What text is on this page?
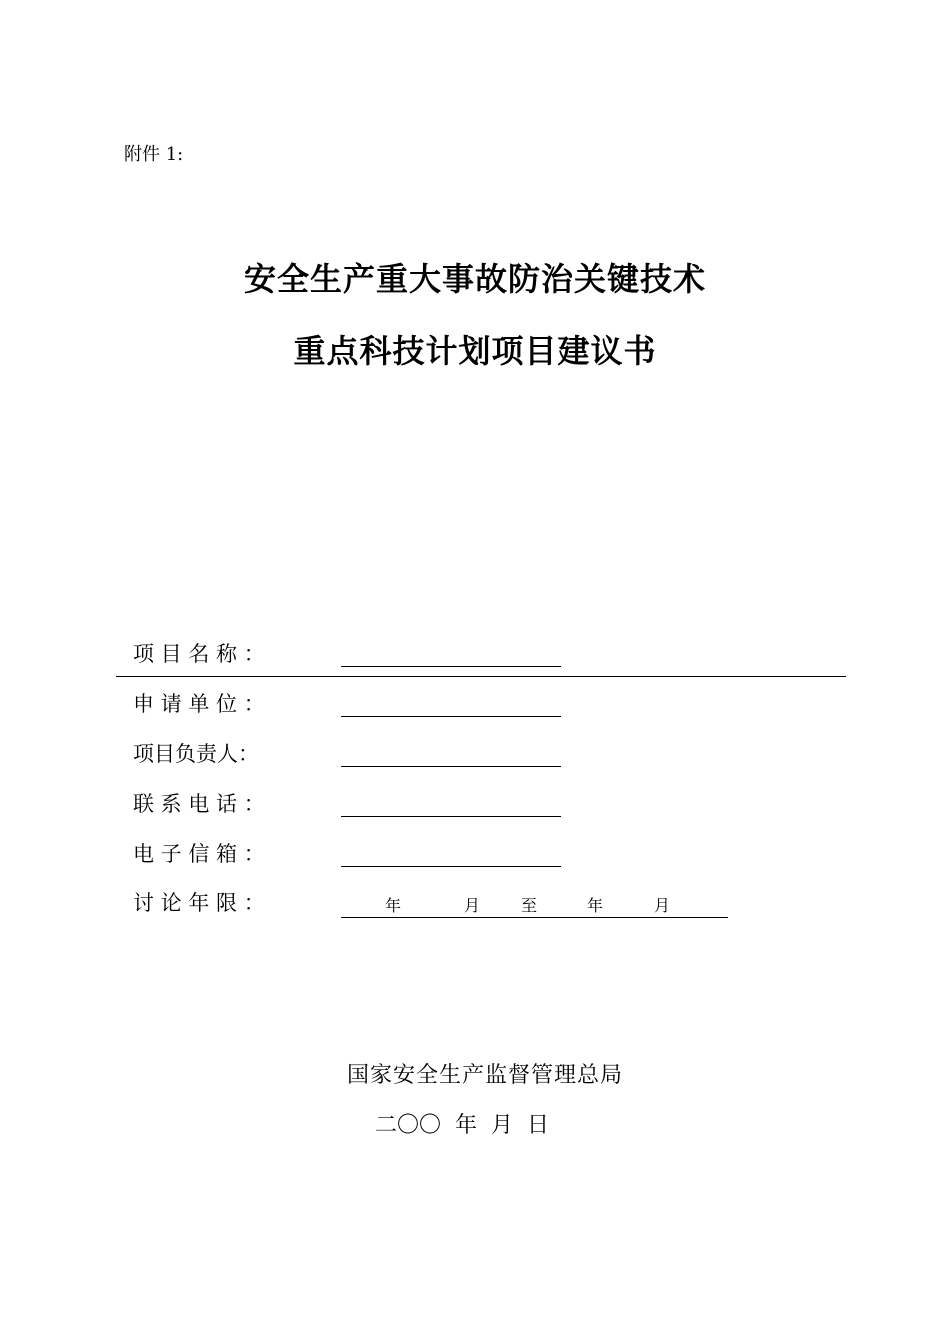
附件 1:
安全生产重大事故防治关键技术
重点科技计划项目建议书
项 目 名 称 ：
申 请 单 位 ：
项目负责人：
联 系 电 话 ：
电 子 信 箱 ：
讨 论 年 限 ：	年	月	至	年	月
国家安全生产监督管理总局
二〇〇  年  月  日
